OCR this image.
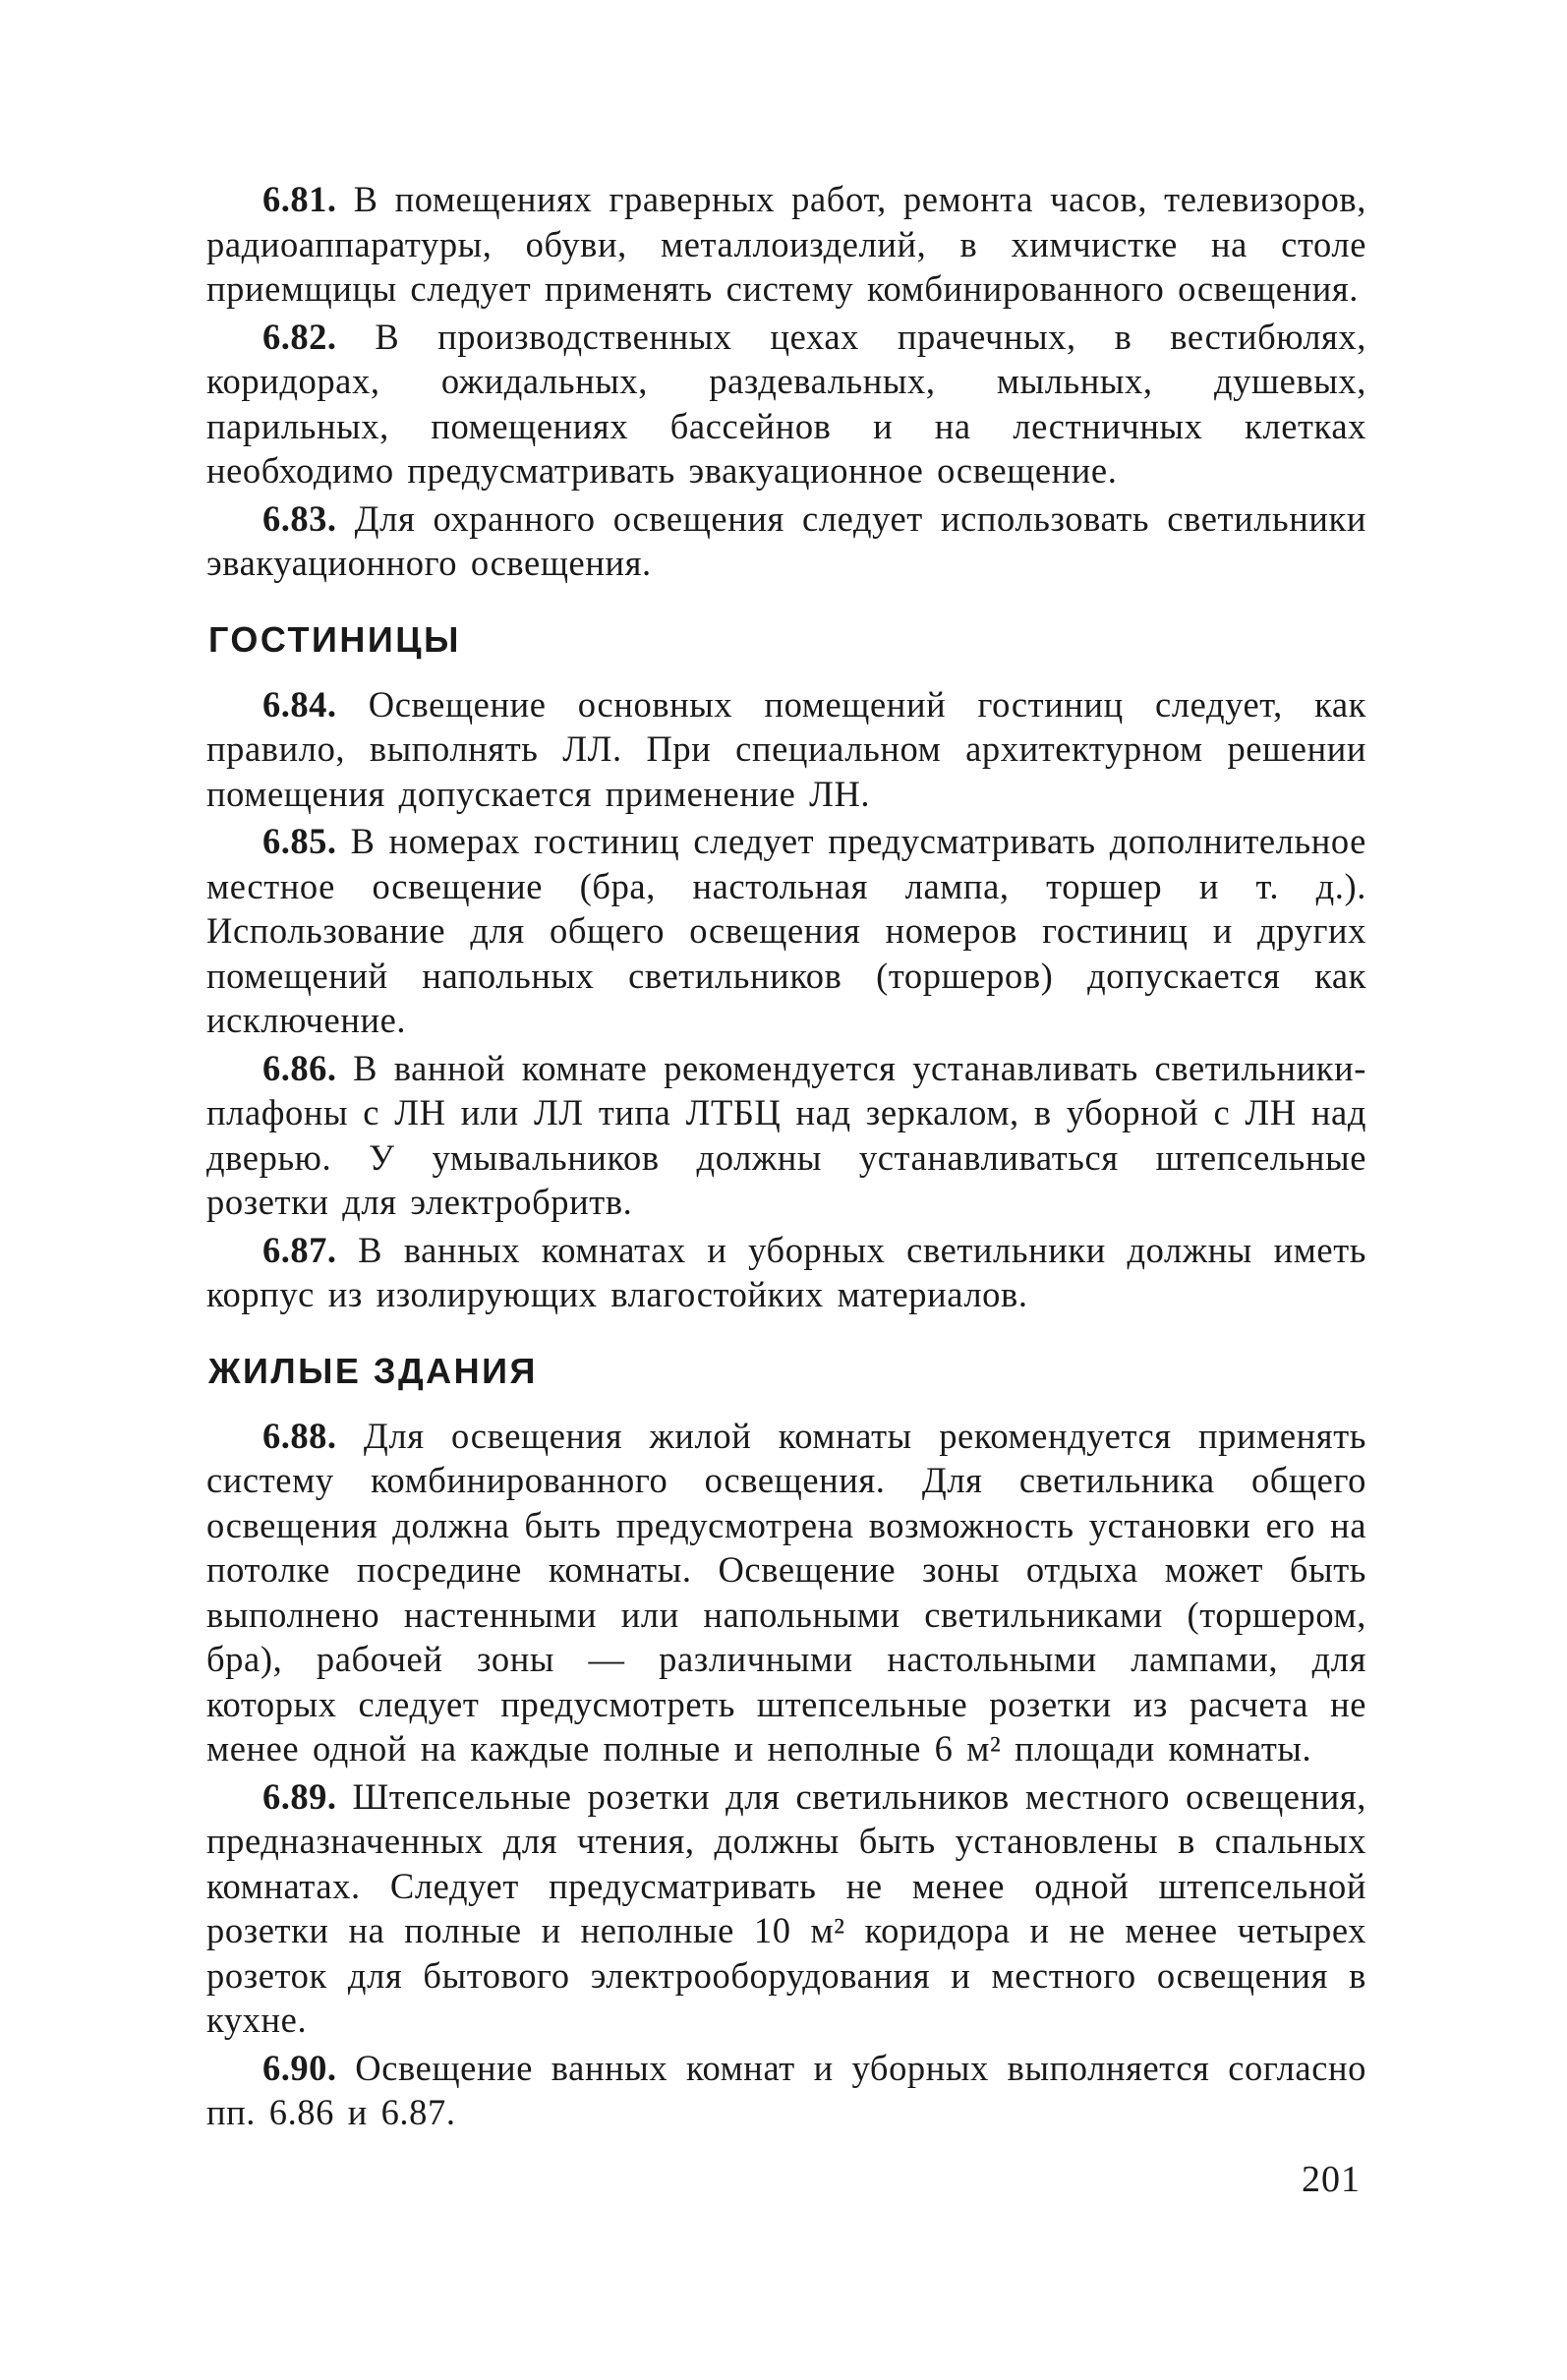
6.81. В помещениях граверных работ, ремонта часов, телевизоров, радиоаппаратуры, обуви, металлоизделий, в химчистке на столе приемщицы следует применять систему комбинированного освещения.

6.82. В производственных цехах прачечных, в вестибюлях, коридорах, ожидальных, раздевальных, мыльных, душевых, парильных, помещениях бассейнов и на лестничных клетках необходимо предусматривать эвакуационное освещение.

6.83. Для охранного освещения следует использовать светильники эвакуационного освещения.

ГОСТИНИЦЫ

6.84. Освещение основных помещений гостиниц следует, как правило, выполнять ЛЛ. При специальном архитектурном решении помещения допускается применение ЛН.

6.85. В номерах гостиниц следует предусматривать дополнительное местное освещение (бра, настольная лампа, торшер и т. д.). Использование для общего освещения номеров гостиниц и других помещений напольных светильников (торшеров) допускается как исключение.

6.86. В ванной комнате рекомендуется устанавливать светильники-плафоны с ЛН или ЛЛ типа ЛТБЦ над зеркалом, в уборной с ЛН над дверью. У умывальников должны устанавливаться штепсельные розетки для электробритв.

6.87. В ванных комнатах и уборных светильники должны иметь корпус из изолирующих влагостойких материалов.

ЖИЛЫЕ ЗДАНИЯ

6.88. Для освещения жилой комнаты рекомендуется применять систему комбинированного освещения. Для светильника общего освещения должна быть предусмотрена возможность установки его на потолке посредине комнаты. Освещение зоны отдыха может быть выполнено настенными или напольными светильниками (торшером, бра), рабочей зоны — различными настольными лампами, для которых следует предусмотреть штепсельные розетки из расчета не менее одной на каждые полные и неполные 6 м² площади комнаты.

6.89. Штепсельные розетки для светильников местного освещения, предназначенных для чтения, должны быть установлены в спальных комнатах. Следует предусматривать не менее одной штепсельной розетки на полные и неполные 10 м² коридора и не менее четырех розеток для бытового электрооборудования и местного освещения в кухне.

6.90. Освещение ванных комнат и уборных выполняется согласно пп. 6.86 и 6.87.

201
